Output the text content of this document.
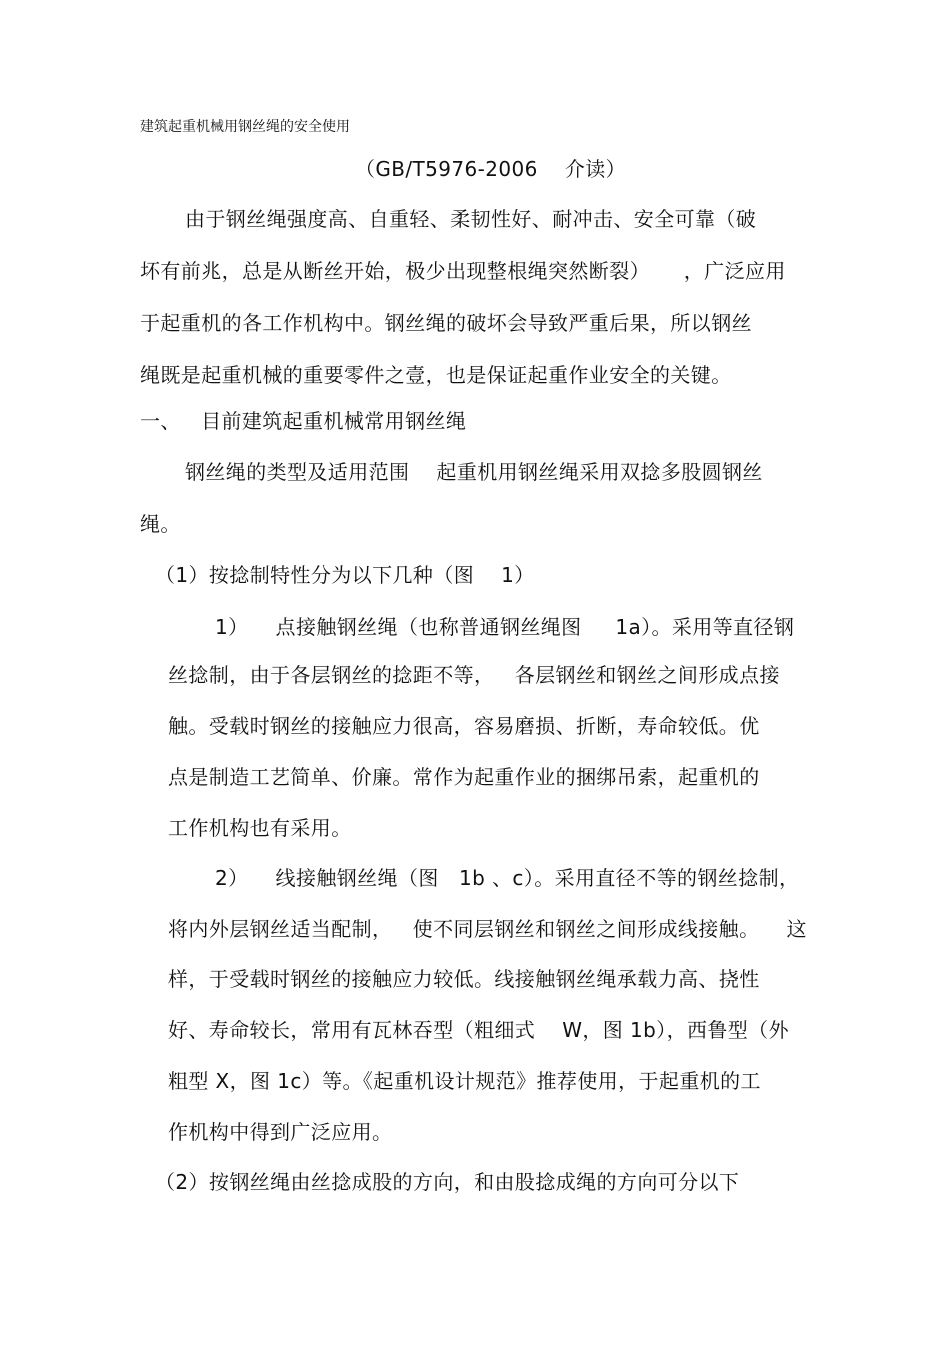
建筑起重机械用钢丝绳的安全使用
（GB/T5976-2006    介读）
由于钢丝绳强度高、自重轻、柔韧性好、耐冲击、安全可靠（破
坏有前兆，总是从断丝开始，极少出现整根绳突然断裂）     ，广泛应用
于起重机的各工作机构中。钢丝绳的破坏会导致严重后果，所以钢丝
绳既是起重机械的重要零件之壹，也是保证起重作业安全的关键。
一、   目前建筑起重机械常用钢丝绳
钢丝绳的类型及适用范围    起重机用钢丝绳采用双捻多股圆钢丝
绳。
（1）按捻制特性分为以下几种（图    1）
1）    点接触钢丝绳（也称普通钢丝绳图     1a）。采用等直径钢
丝捻制，由于各层钢丝的捻距不等，   各层钢丝和钢丝之间形成点接
触。受载时钢丝的接触应力很高，容易磨损、折断，寿命较低。优
点是制造工艺简单、价廉。常作为起重作业的捆绑吊索，起重机的
工作机构也有采用。
2）    线接触钢丝绳（图   1b 、c）。采用直径不等的钢丝捻制，
将内外层钢丝适当配制，   使不同层钢丝和钢丝之间形成线接触。    这
样，于受载时钢丝的接触应力较低。线接触钢丝绳承载力高、挠性
好、寿命较长，常用有瓦林吞型（粗细式    W，图 1b），西鲁型（外
粗型 X，图 1c）等。《起重机设计规范》推荐使用，于起重机的工
作机构中得到广泛应用。
（2）按钢丝绳由丝捻成股的方向，和由股捻成绳的方向可分以下
